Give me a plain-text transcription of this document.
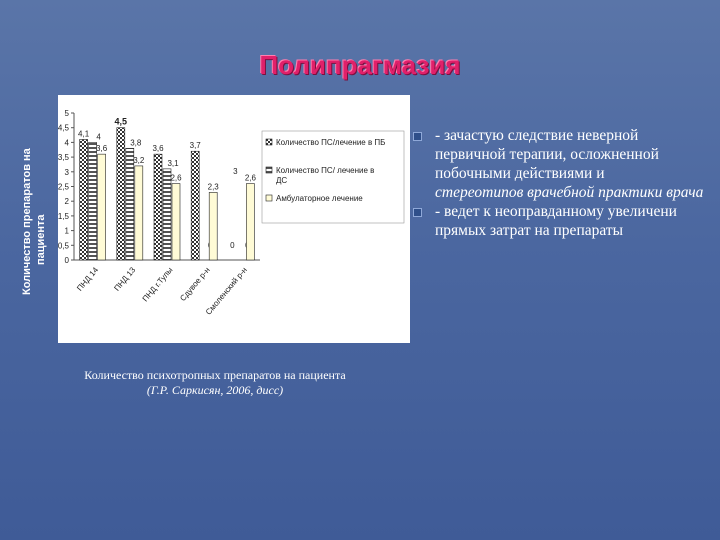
Полипрагмазия
Количество препаратов на пациента 0
0,5
1
1,5
2
2,5
3
3,5
4
4,5
5
4,1 4
3,6
ПНД 14
4,5
3,8
3,2
ПНД 13
3,6
3,1
2,6
ПНД г.Тулы
3,7
2,3
Сдувое р-н
0
2,6
Смоленский р-н
3
Количество ПС/лечение в ПБ
Количество ПС/ лечение в
ДС
Амбулаторное лечение
Количество психотропных препаратов на пациента
(Г.Р. Саркисян, 2006, дисс)
- зачастую следствие неверной
первичной терапии, осложненной
побочными действиями и
стереотипов врачебной практики врача
- ведет к неоправданному увеличени
прямых затрат на препараты
